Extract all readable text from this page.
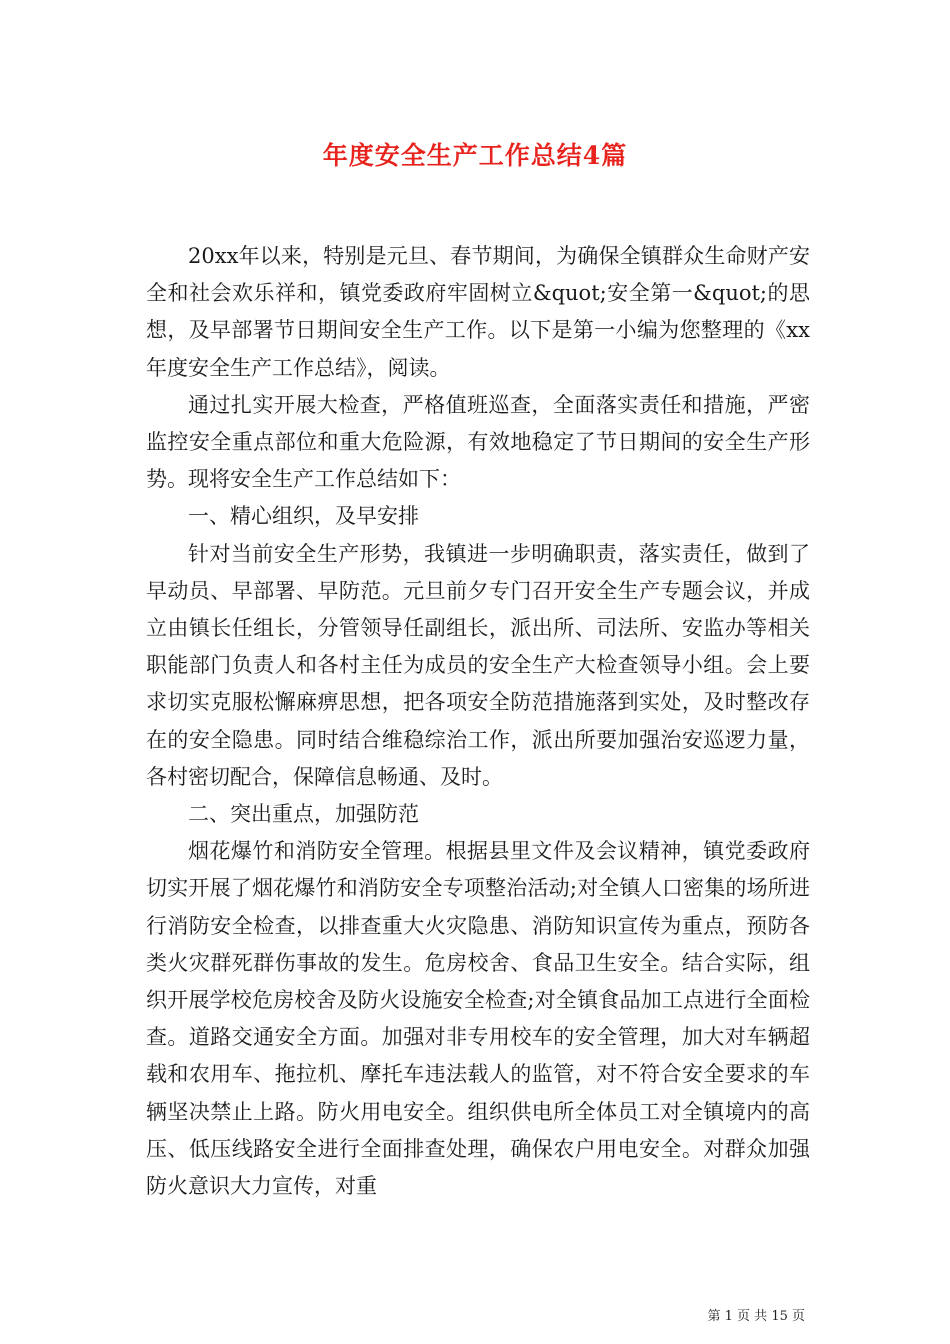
年度安全生产工作总结4篇

20xx年以来，特别是元旦、春节期间，为确保全镇群众生命财产安全和社会欢乐祥和，镇党委政府牢固树立&quot;安全第一&quot;的思想，及早部署节日期间安全生产工作。以下是第一小编为您整理的《xx年度安全生产工作总结》，阅读。

通过扎实开展大检查，严格值班巡查，全面落实责任和措施，严密监控安全重点部位和重大危险源，有效地稳定了节日期间的安全生产形势。现将安全生产工作总结如下：

一、精心组织，及早安排

针对当前安全生产形势，我镇进一步明确职责，落实责任，做到了早动员、早部署、早防范。元旦前夕专门召开安全生产专题会议，并成立由镇长任组长，分管领导任副组长，派出所、司法所、安监办等相关职能部门负责人和各村主任为成员的安全生产大检查领导小组。会上要求切实克服松懈麻痹思想，把各项安全防范措施落到实处，及时整改存在的安全隐患。同时结合维稳综治工作，派出所要加强治安巡逻力量，各村密切配合，保障信息畅通、及时。

二、突出重点，加强防范

烟花爆竹和消防安全管理。根据县里文件及会议精神，镇党委政府切实开展了烟花爆竹和消防安全专项整治活动;对全镇人口密集的场所进行消防安全检查，以排查重大火灾隐患、消防知识宣传为重点，预防各类火灾群死群伤事故的发生。危房校舍、食品卫生安全。结合实际，组织开展学校危房校舍及防火设施安全检查;对全镇食品加工点进行全面检查。道路交通安全方面。加强对非专用校车的安全管理，加大对车辆超载和农用车、拖拉机、摩托车违法载人的监管，对不符合安全要求的车辆坚决禁止上路。防火用电安全。组织供电所全体员工对全镇境内的高压、低压线路安全进行全面排查处理，确保农户用电安全。对群众加强防火意识大力宣传，对重

第 1 页 共 15 页
